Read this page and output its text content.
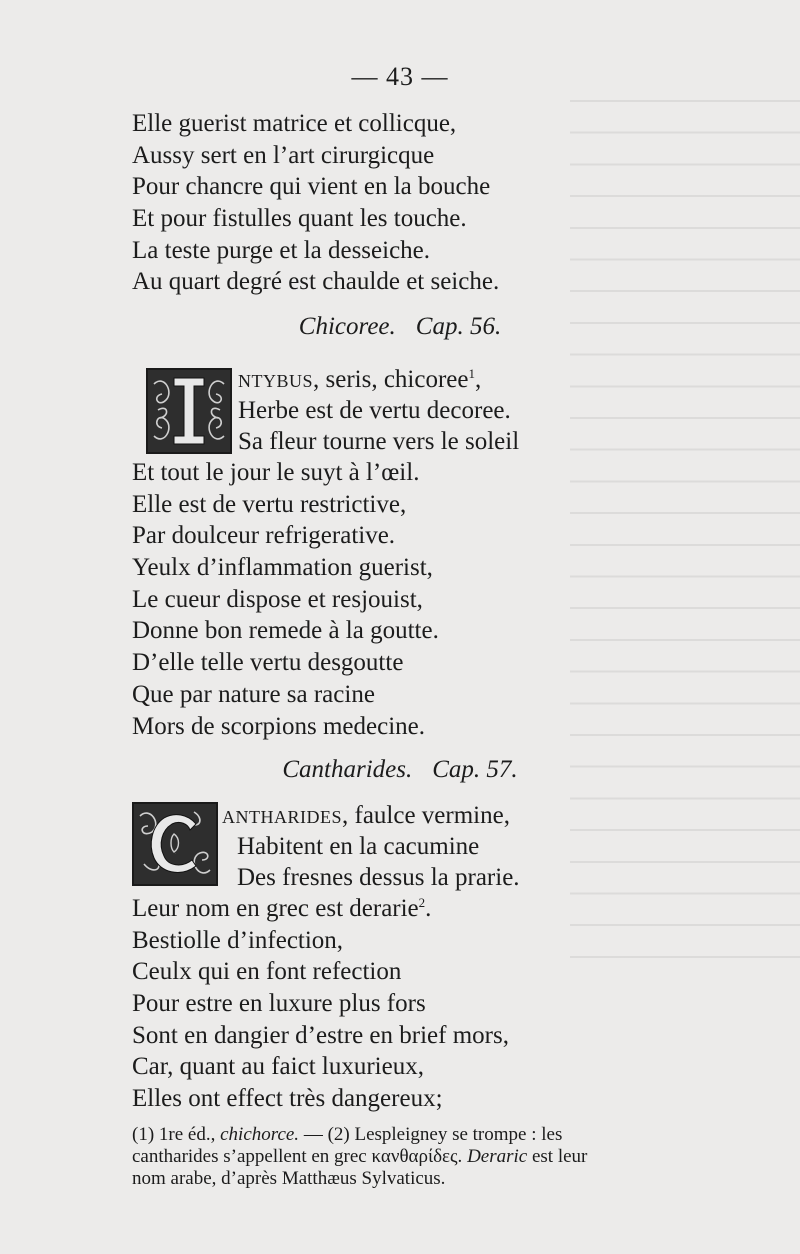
— 43 —
Elle guerist matrice et collicque,
Aussy sert en l’art cirurgicque
Pour chancre qui vient en la bouche
Et pour fistulles quant les touche.
La teste purge et la desseiche.
Au quart degré est chaulde et seiche.
Chicoree. Cap. 56.
I
ntybus, seris, chicoree$^1$,
Herbe est de vertu decoree.
Sa fleur tourne vers le soleil
Et tout le jour le suyt à l’œil.
Elle est de vertu restrictive,
Par doulceur refrigerative.
Yeulx d’inflammation guerist,
Le cueur dispose et resjouist,
Donne bon remede à la goutte.
D’elle telle vertu desgoutte
Que par nature sa racine
Mors de scorpions medecine.
Cantharides. Cap. 57.
C
antharides, faulce vermine,
Habitent en la cacumine
Des fresnes dessus la prarie.
Leur nom en grec est derarie$^2$.
Bestiolle d’infection,
Ceulx qui en font refection
Pour estre en luxure plus fors
Sont en dangier d’estre en brief mors,
Car, quant au faict luxurieux,
Elles ont effect très dangereux;
(1) 1re éd., chichorce. — (2) Lespleigney se trompe : les
cantharides s’appellent en grec κανθαρίδες. Deraric est leur
nom arabe, d’après Matthæus Sylvaticus.
